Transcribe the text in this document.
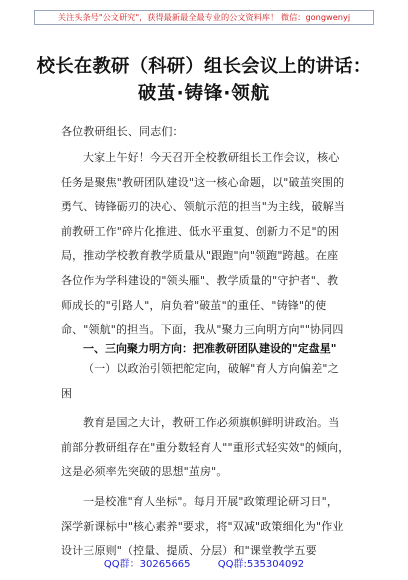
关注头条号"公文研究"，获得最新最全最专业的公文资料库！ 微信：gongwenyj
校长在教研（科研）组长会议上的讲话：
破茧·铸锋·领航
各位教研组长、同志们：
大家上午好！今天召开全校教研组长工作会议，核心
任务是聚焦"教研团队建设"这一核心命题，以"破茧突围的
勇气、铸锋砺刃的决心、领航示范的担当"为主线，破解当
前教研工作"碎片化推进、低水平重复、创新力不足"的困
局，推动学校教育教学质量从"跟跑"向"领跑"跨越。在座
各位作为学科建设的"领头雁"、教学质量的"守护者"、教
师成长的"引路人"，肩负着"破茧"的重任、"铸锋"的使
命、"领航"的担当。下面，我从"聚力三向明方向""协同四
一、三向聚力明方向：把准教研团队建设的"定盘星"
（一）以政治引领把舵定向，破解"育人方向偏差"之
困
教育是国之大计，教研工作必须旗帜鲜明讲政治。当
前部分教研组存在"重分数轻育人""重形式轻实效"的倾向，
这是必须率先突破的思想"茧房"。
一是校准"育人坐标"。每月开展"政策理论研习日"，
深学新课标中"核心素养"要求，将"双减"政策细化为"作业
设计三原则"（控量、提质、分层）和"课堂教学五要
QQ群：30265665	QQ群:535304092
